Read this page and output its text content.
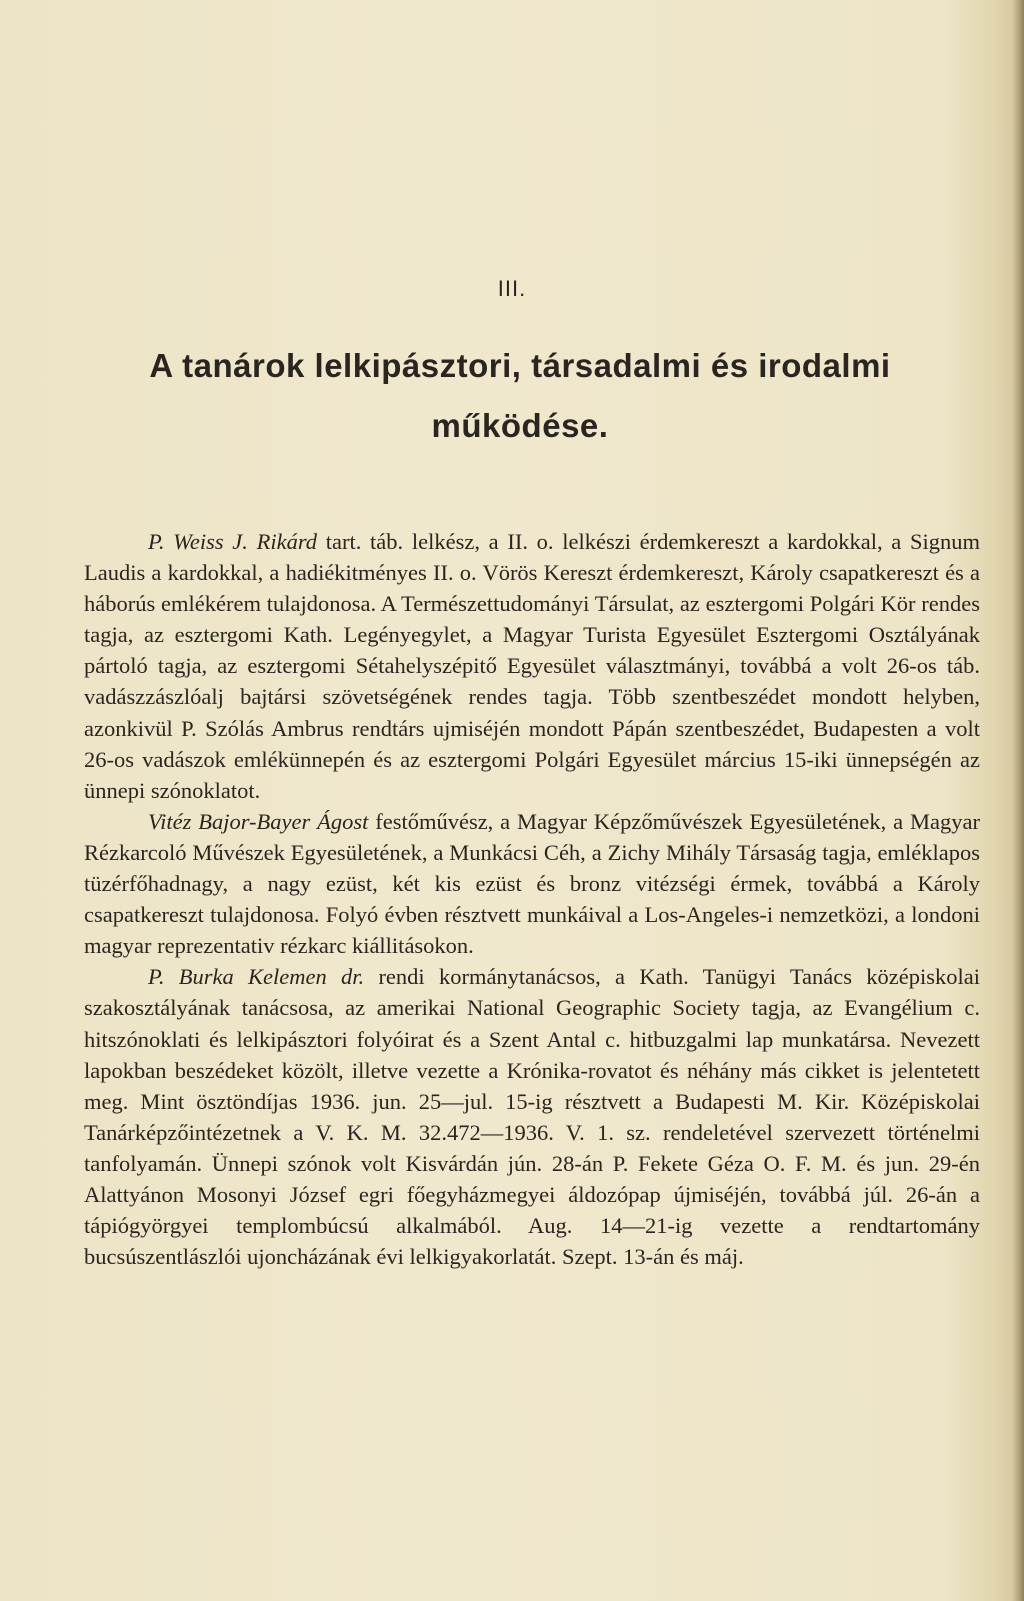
III.
A tanárok lelkipásztori, társadalmi és irodalmi működése.

P. Weiss J. Rikárd tart. táb. lelkész, a II. o. lelkészi érdemkereszt a kardokkal, a Signum Laudis a kardokkal, a hadiékitményes II. o. Vörös Kereszt érdemkereszt, Károly csapatkereszt és a háborús emlékérem tulajdonosa. A Természettudományi Társulat, az esztergomi Polgári Kör rendes tagja, az esztergomi Kath. Legényegylet, a Magyar Turista Egyesület Esztergomi Osztályának pártoló tagja, az esztergomi Sétahelyszépitő Egyesület választmányi, továbbá a volt 26-os táb. vadászzászlóalj bajtársi szövetségének rendes tagja. Több szentbeszédet mondott helyben, azonkivül P. Szólás Ambrus rendtárs ujmiséjén mondott Pápán szentbeszédet, Budapesten a volt 26-os vadászok emlékünnepén és az esztergomi Polgári Egyesület március 15-iki ünnepségén az ünnepi szónoklatot.

Vitéz Bajor-Bayer Ágost festőművész, a Magyar Képzőművészek Egyesületének, a Magyar Rézkarcoló Művészek Egyesületének, a Munkácsi Céh, a Zichy Mihály Társaság tagja, emléklapos tüzérfőhadnagy, a nagy ezüst, két kis ezüst és bronz vitézségi érmek, továbbá a Károly csapatkereszt tulajdonosa. Folyó évben résztvett munkáival a Los-Angeles-i nemzetközi, a londoni magyar reprezentativ rézkarc kiállitásokon.

P. Burka Kelemen dr. rendi kormánytanácsos, a Kath. Tanügyi Tanács középiskolai szakosztályának tanácsosa, az amerikai National Geographic Society tagja, az Evangélium c. hitszónoklati és lelkipásztori folyóirat és a Szent Antal c. hitbuzgalmi lap munkatársa. Nevezett lapokban beszédeket közölt, illetve vezette a Krónika-rovatot és néhány más cikket is jelentetett meg. Mint ösztöndíjas 1936. jun. 25—jul. 15-ig résztvett a Budapesti M. Kir. Középiskolai Tanárképzőintézetnek a V. K. M. 32.472—1936. V. 1. sz. rendeletével szervezett történelmi tanfolyamán. Ünnepi szónok volt Kisvárdán jún. 28-án P. Fekete Géza O. F. M. és jun. 29-én Alattyánon Mosonyi József egri főegyházmegyei áldozópap újmiséjén, továbbá júl. 26-án a tápiógyörgyei templombúcsú alkalmából. Aug. 14—21-ig vezette a rendtartomány bucsúszentlászlói ujoncházának évi lelkigyakorlatát. Szept. 13-án és máj.
